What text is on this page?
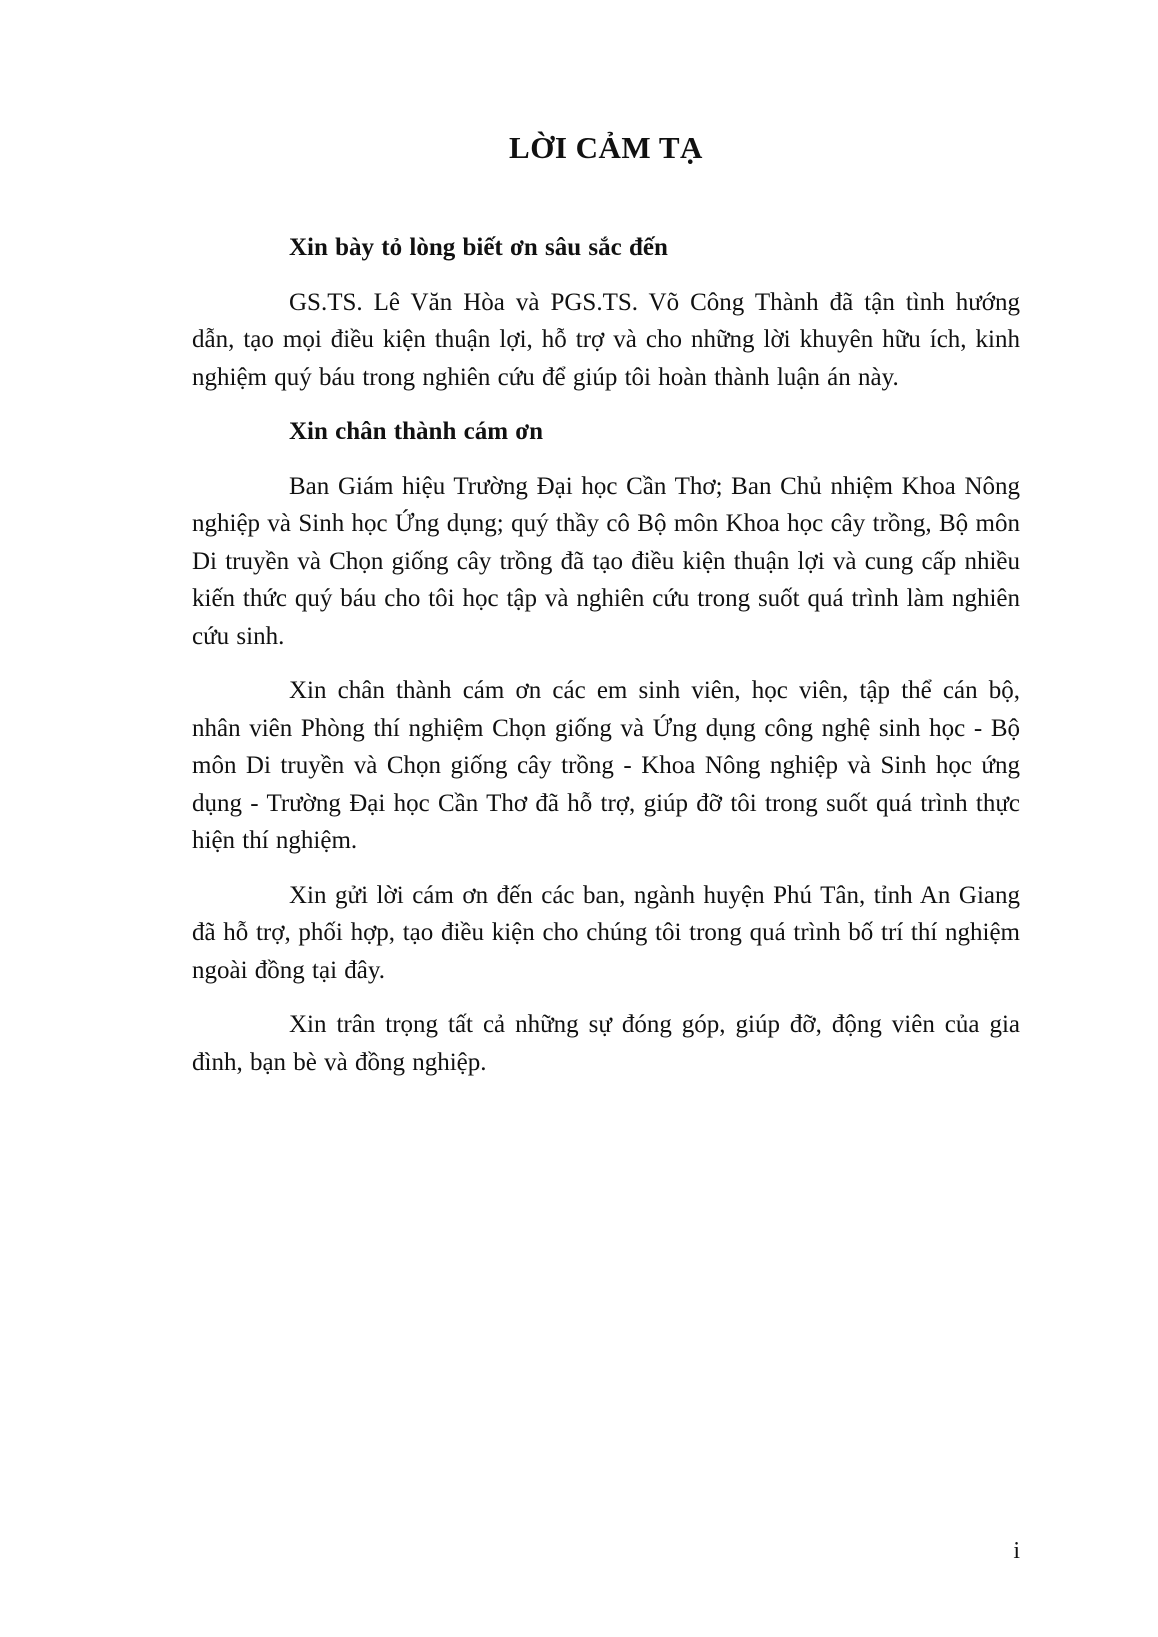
LỜI CẢM TẠ

Xin bày tỏ lòng biết ơn sâu sắc đến

GS.TS. Lê Văn Hòa và PGS.TS. Võ Công Thành đã tận tình hướng dẫn, tạo mọi điều kiện thuận lợi, hỗ trợ và cho những lời khuyên hữu ích, kinh nghiệm quý báu trong nghiên cứu để giúp tôi hoàn thành luận án này.

Xin chân thành cám ơn

Ban Giám hiệu Trường Đại học Cần Thơ; Ban Chủ nhiệm Khoa Nông nghiệp và Sinh học Ứng dụng; quý thầy cô Bộ môn Khoa học cây trồng, Bộ môn Di truyền và Chọn giống cây trồng đã tạo điều kiện thuận lợi và cung cấp nhiều kiến thức quý báu cho tôi học tập và nghiên cứu trong suốt quá trình làm nghiên cứu sinh.

Xin chân thành cám ơn các em sinh viên, học viên, tập thể cán bộ, nhân viên Phòng thí nghiệm Chọn giống và Ứng dụng công nghệ sinh học - Bộ môn Di truyền và Chọn giống cây trồng - Khoa Nông nghiệp và Sinh học ứng dụng - Trường Đại học Cần Thơ đã hỗ trợ, giúp đỡ tôi trong suốt quá trình thực hiện thí nghiệm.

Xin gửi lời cám ơn đến các ban, ngành huyện Phú Tân, tỉnh An Giang đã hỗ trợ, phối hợp, tạo điều kiện cho chúng tôi trong quá trình bố trí thí nghiệm ngoài đồng tại đây.

Xin trân trọng tất cả những sự đóng góp, giúp đỡ, động viên của gia đình, bạn bè và đồng nghiệp.

i
